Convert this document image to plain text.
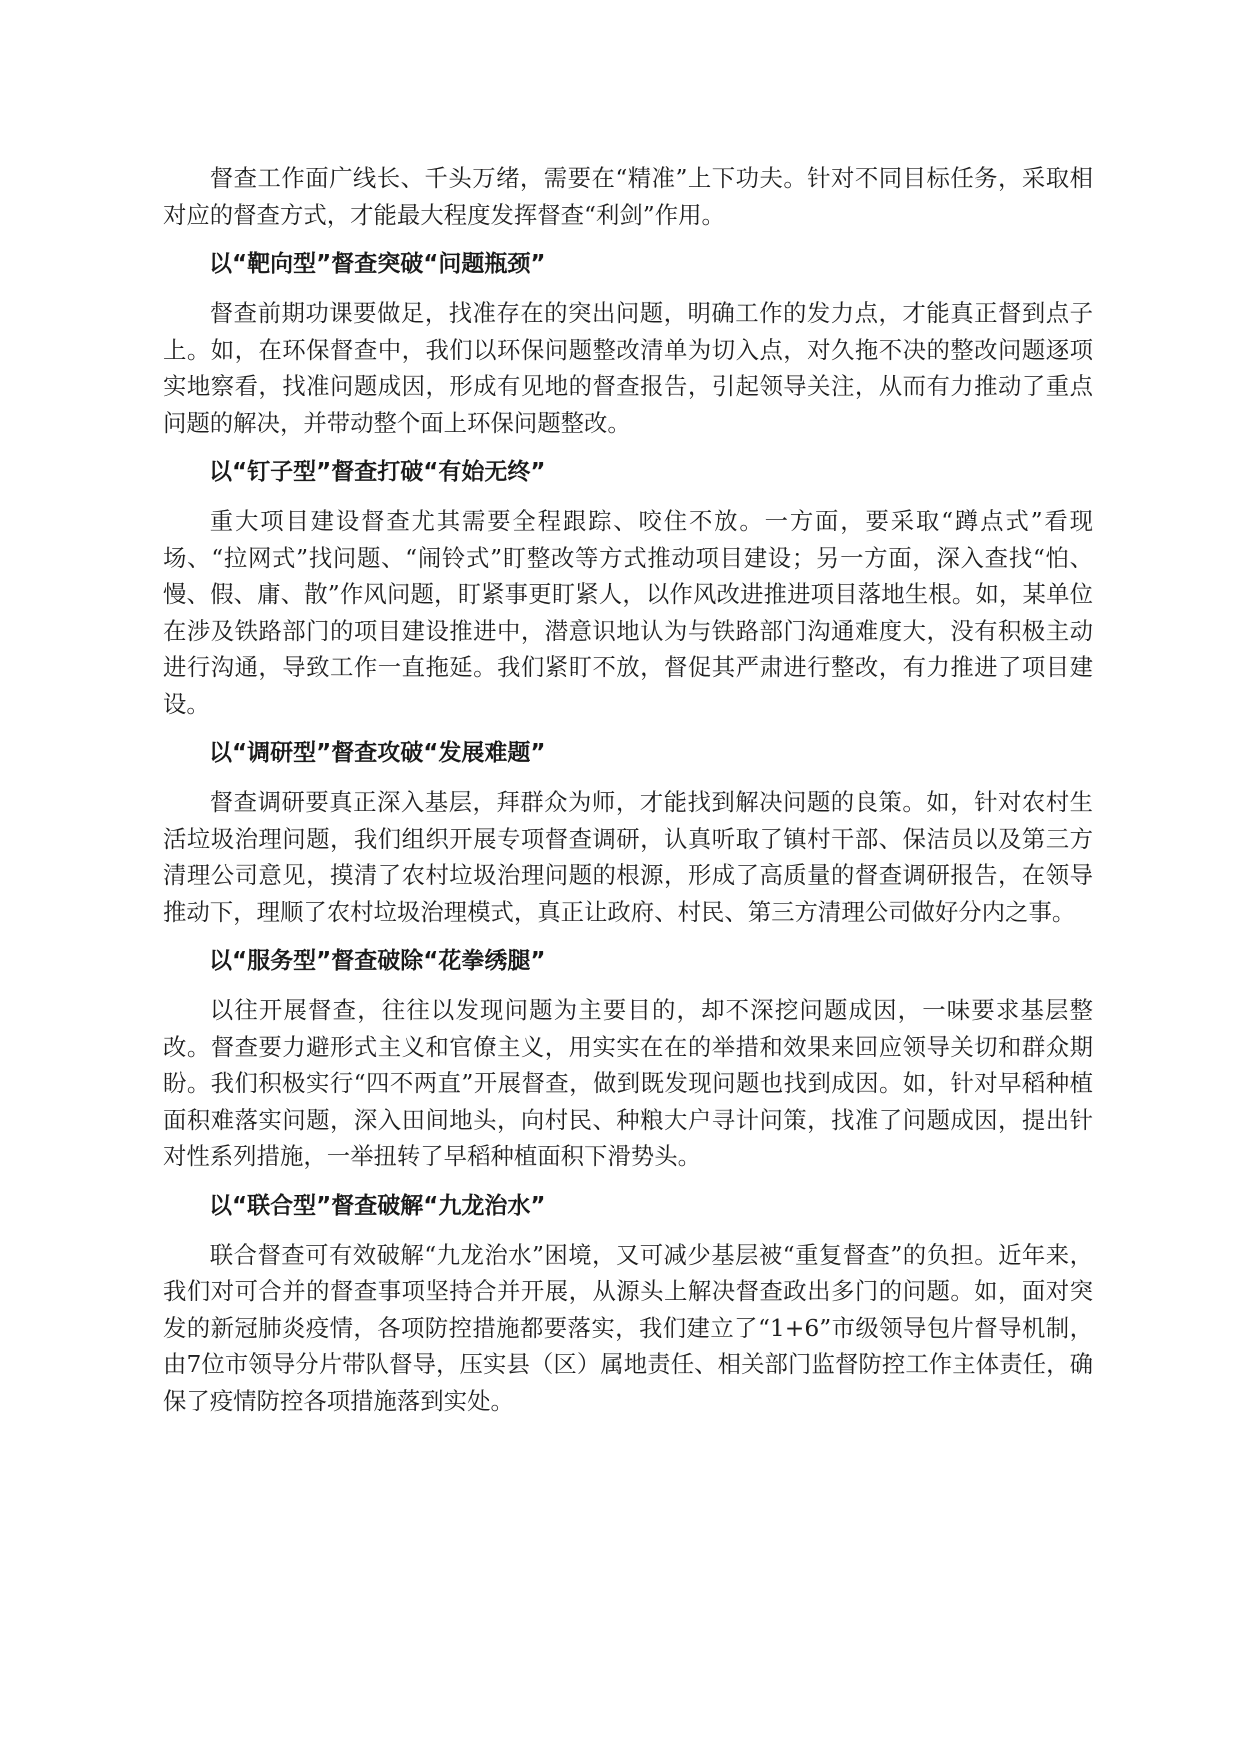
督查工作面广线长、千头万绪，需要在“精准”上下功夫。针对不同目标任务，采取相对应的督查方式，才能最大程度发挥督查“利剑”作用。

以“靶向型”督查突破“问题瓶颈”

督查前期功课要做足，找准存在的突出问题，明确工作的发力点，才能真正督到点子上。如，在环保督查中，我们以环保问题整改清单为切入点，对久拖不决的整改问题逐项实地察看，找准问题成因，形成有见地的督查报告，引起领导关注，从而有力推动了重点问题的解决，并带动整个面上环保问题整改。

以“钉子型”督查打破“有始无终”

重大项目建设督查尤其需要全程跟踪、咬住不放。一方面，要采取“蹲点式”看现场、“拉网式”找问题、“闹铃式”盯整改等方式推动项目建设；另一方面，深入查找“怕、慢、假、庸、散”作风问题，盯紧事更盯紧人，以作风改进推进项目落地生根。如，某单位在涉及铁路部门的项目建设推进中，潜意识地认为与铁路部门沟通难度大，没有积极主动进行沟通，导致工作一直拖延。我们紧盯不放，督促其严肃进行整改，有力推进了项目建设。

以“调研型”督查攻破“发展难题”

督查调研要真正深入基层，拜群众为师，才能找到解决问题的良策。如，针对农村生活垃圾治理问题，我们组织开展专项督查调研，认真听取了镇村干部、保洁员以及第三方清理公司意见，摸清了农村垃圾治理问题的根源，形成了高质量的督查调研报告，在领导推动下，理顺了农村垃圾治理模式，真正让政府、村民、第三方清理公司做好分内之事。

以“服务型”督查破除“花拳绣腿”

以往开展督查，往往以发现问题为主要目的，却不深挖问题成因，一味要求基层整改。督查要力避形式主义和官僚主义，用实实在在的举措和效果来回应领导关切和群众期盼。我们积极实行“四不两直”开展督查，做到既发现问题也找到成因。如，针对早稻种植面积难落实问题，深入田间地头，向村民、种粮大户寻计问策，找准了问题成因，提出针对性系列措施，一举扭转了早稻种植面积下滑势头。

以“联合型”督查破解“九龙治水”

联合督查可有效破解“九龙治水”困境，又可减少基层被“重复督查”的负担。近年来，我们对可合并的督查事项坚持合并开展，从源头上解决督查政出多门的问题。如，面对突发的新冠肺炎疫情，各项防控措施都要落实，我们建立了“1+6”市级领导包片督导机制，由7位市领导分片带队督导，压实县（区）属地责任、相关部门监督防控工作主体责任，确保了疫情防控各项措施落到实处。
